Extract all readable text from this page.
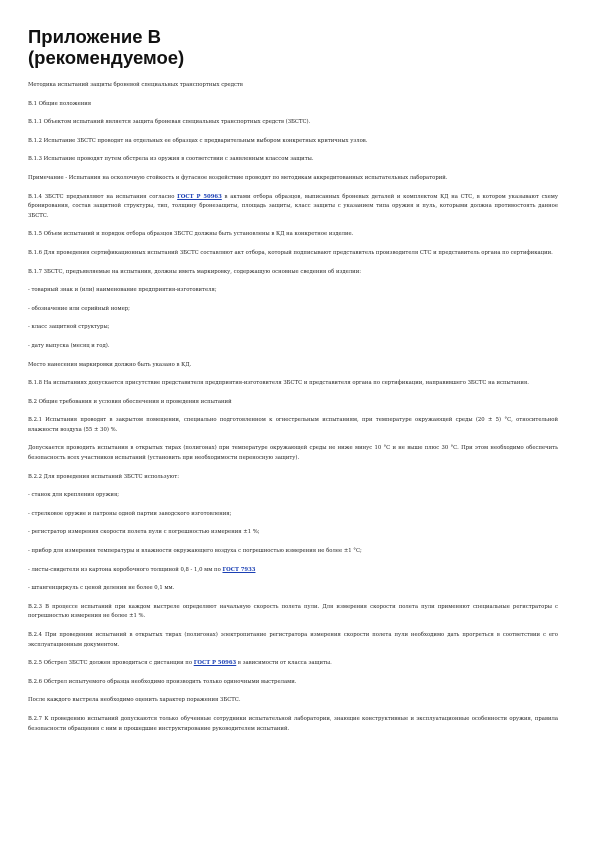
Приложение В
(рекомендуемое)

Методика испытаний защиты броневой специальных транспортных средств

В.1 Общие положения

В.1.1 Объектом испытаний является защита броневая специальных транспортных средств (ЗБСТС).

В.1.2 Испытание ЗБСТС проводят на отдельных ее образцах с предварительным выбором конкретных критичных узлов.

В.1.3 Испытание проводят путем обстрела из оружия в соответствии с заявленным классом защиты.

Примечание - Испытания на осколочную стойкость и фугасное воздействие проводят по методикам аккредитованных испытательных лабораторий.

В.1.4 ЗБСТС предъявляют на испытания согласно ГОСТ Р 50963 в актами отбора образцов, выписанных броневых деталей и комплектом КД на СТС, в котором указывают схему бронирования, состав защитной структуры, тип, толщину бронезащиты, площадь защиты, класс защиты с указанием типа оружия и пуль, которыми должна противостоять данное ЗБСТС.

В.1.5 Объем испытаний и порядок отбора образцов ЗБСТС должны быть установлены в КД на конкретное изделие.

В.1.6 Для проведения сертификационных испытаний ЗБСТС составляют акт отбора, который подписывают представитель производителя СТС и представитель органа по сертификации.

В.1.7 ЗБСТС, предъявляемые на испытания, должны иметь маркировку, содержащую основные сведения об изделии:

- товарный знак и (или) наименование предприятия-изготовителя;

- обозначение или серийный номер;

- класс защитной структуры;

- дату выпуска (месяц и год).

Место нанесения маркировки должно быть указано в КД.

В.1.8 На испытаниях допускается присутствие представителя предприятия-изготовителя ЗБСТС и представителя органа по сертификации, направившего ЗБСТС на испытания.

В.2 Общие требования и условия обеспечения и проведения испытаний

В.2.1 Испытания проводят в закрытом помещении, специально подготовленном к огнестрельным испытаниям, при температуре окружающей среды (20 ± 5) °С, относительной влажности воздуха (55 ± 30) %.

Допускается проводить испытания в открытых тирах (полигонах) при температуре окружающей среды не ниже минус 10 °С и не выше плюс 30 °С. При этом необходимо обеспечить безопасность всех участников испытаний (установить при необходимости переносную защиту).

В.2.2 Для проведения испытаний ЗБСТС используют:

- станок для крепления оружия;

- стрелковое оружие и патроны одной партии заводского изготовления;

- регистратор измерения скорости полета пули с погрешностью измерения ±1 %;

- прибор для измерения температуры и влажности окружающего воздуха с погрешностью измерения не более ±1 °С;

- листы-свидетели из картона коробочного толщиной 0,8 - 1,0 мм по ГОСТ 7933

- штангенциркуль с ценой деления не более 0,1 мм.

В.2.3 В процессе испытаний при каждом выстреле определяют начальную скорость полета пули. Для измерения скорости полета пули применяют специальные регистраторы с погрешностью измерения не более ±1 %.

В.2.4 При проведении испытаний в открытых тирах (полигонах) электропитание регистратора измерения скорости полета пули необходимо дать прогреться в соответствии с его эксплуатационным документом.

В.2.5 Обстрел ЗБСТС должен проводиться с дистанции по ГОСТ Р 50963 в зависимости от класса защиты.

В.2.6 Обстрел испытуемого образца необходимо производить только одиночными выстрелами.

После каждого выстрела необходимо оценить характер поражения ЗБСТС.

В.2.7 К проведению испытаний допускаются только обученные сотрудники испытательной лаборатории, знающие конструктивные и эксплуатационные особенности оружия, правила безопасности обращения с ним и прошедшие инструктирование руководителем испытаний.
